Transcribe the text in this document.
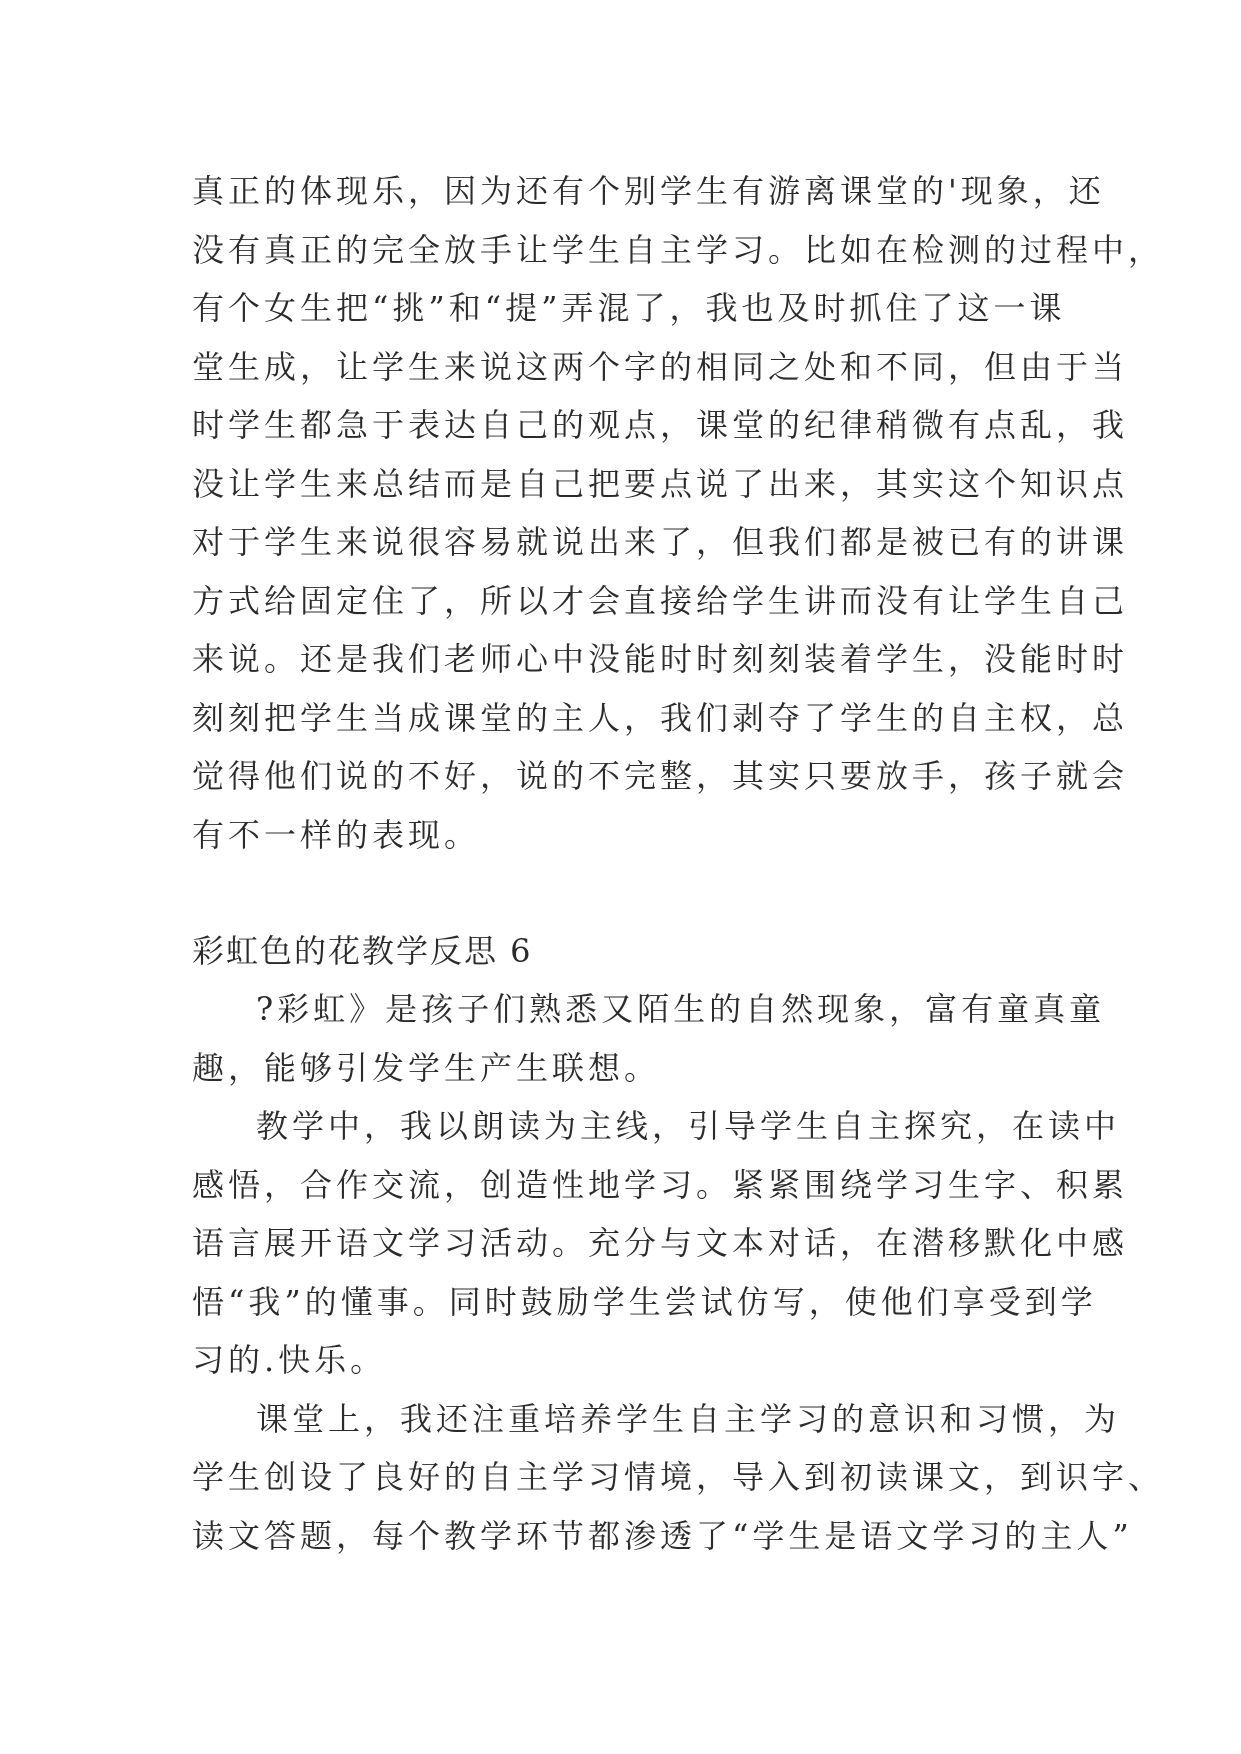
真正的体现乐，因为还有个别学生有游离课堂的'现象，还
没有真正的完全放手让学生自主学习。比如在检测的过程中，
有个女生把“挑”和“提”弄混了，我也及时抓住了这一课
堂生成，让学生来说这两个字的相同之处和不同，但由于当
时学生都急于表达自己的观点，课堂的纪律稍微有点乱，我
没让学生来总结而是自己把要点说了出来，其实这个知识点
对于学生来说很容易就说出来了，但我们都是被已有的讲课
方式给固定住了，所以才会直接给学生讲而没有让学生自己
来说。还是我们老师心中没能时时刻刻装着学生，没能时时
刻刻把学生当成课堂的主人，我们剥夺了学生的自主权，总
觉得他们说的不好，说的不完整，其实只要放手，孩子就会
有不一样的表现。
彩虹色的花教学反思 6
?彩虹》是孩子们熟悉又陌生的自然现象，富有童真童
趣，能够引发学生产生联想。
教学中，我以朗读为主线，引导学生自主探究，在读中
感悟，合作交流，创造性地学习。紧紧围绕学习生字、积累
语言展开语文学习活动。充分与文本对话，在潜移默化中感
悟“我”的懂事。同时鼓励学生尝试仿写，使他们享受到学
习的.快乐。
课堂上，我还注重培养学生自主学习的意识和习惯，为
学生创设了良好的自主学习情境，导入到初读课文，到识字、
读文答题，每个教学环节都渗透了“学生是语文学习的主人”
